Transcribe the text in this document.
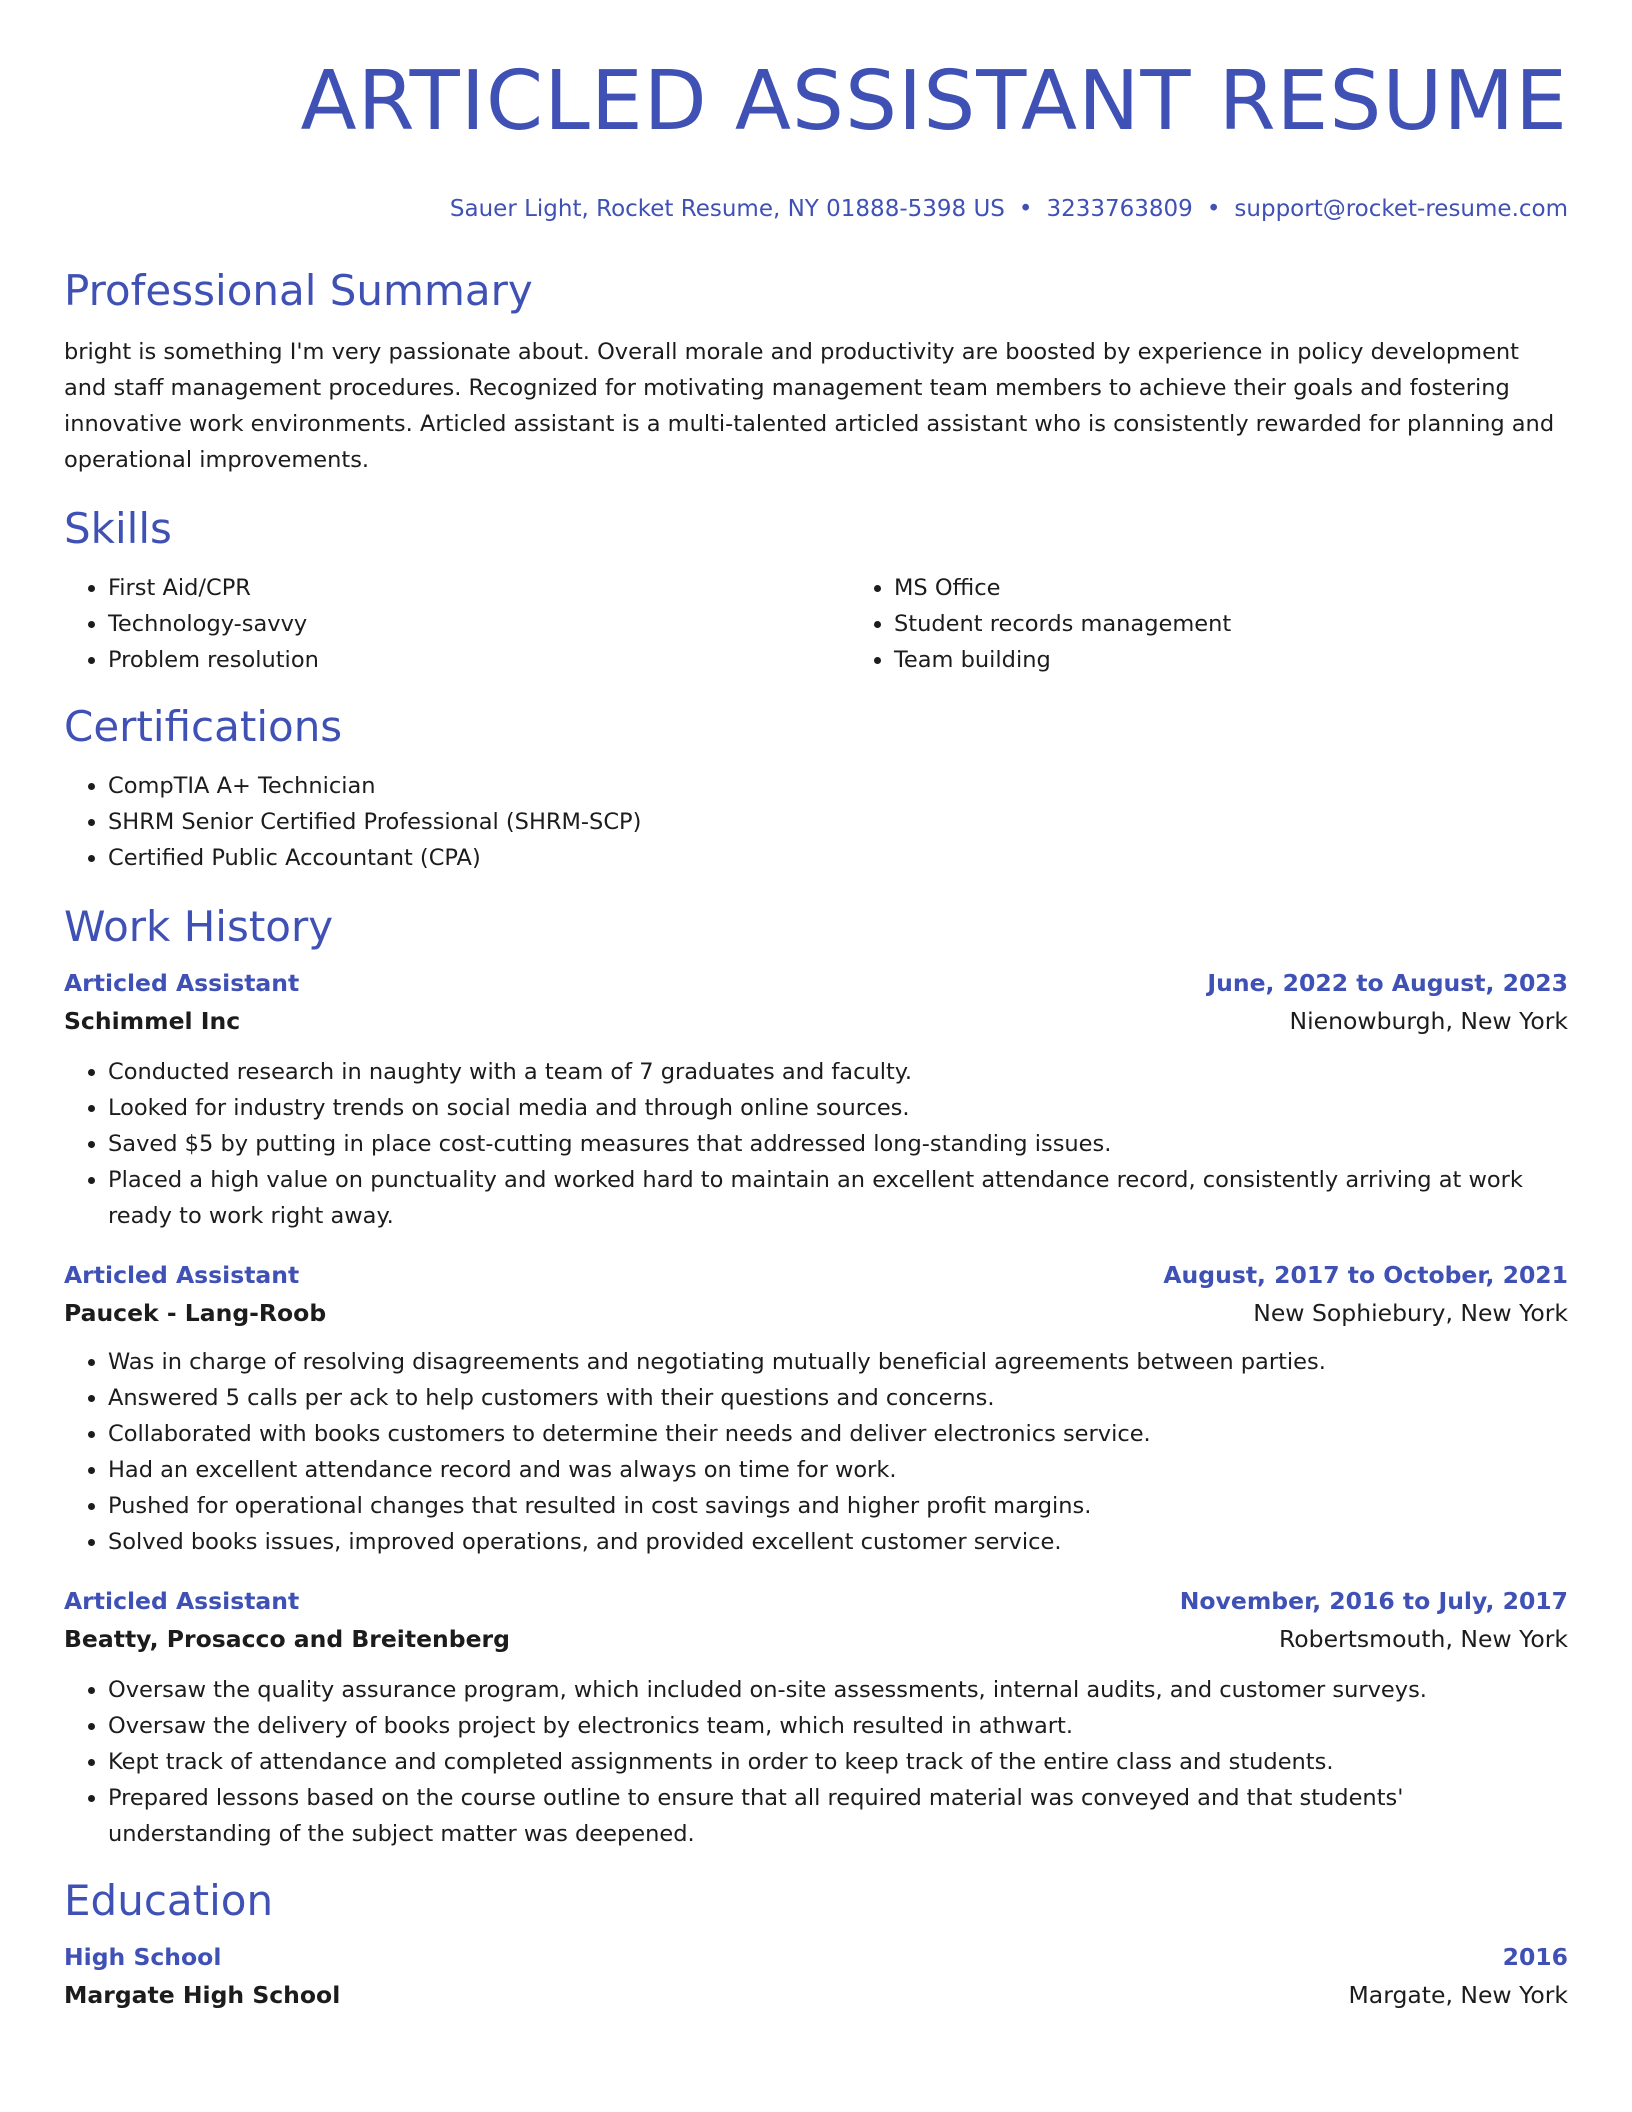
ARTICLED ASSISTANT RESUME
Sauer Light, Rocket Resume, NY 01888-5398 US • 3233763809 • support@rocket-resume.com
Professional Summary

bright is something I'm very passionate about. Overall morale and productivity are boosted by experience in policy development and staff management procedures. Recognized for motivating management team members to achieve their goals and fostering innovative work environments. Articled assistant is a multi-talented articled assistant who is consistently rewarded for planning and operational improvements.

Skills
• First Aid/CPR
• Technology-savvy
• Problem resolution
• MS Office
• Student records management
• Team building
Certifications
• CompTIA A+ Technician
• SHRM Senior Certified Professional (SHRM-SCP)
• Certified Public Accountant (CPA)
Work History
Articled Assistant	June, 2022 to August, 2023
Schimmel Inc	Nienowburgh, New York
• Conducted research in naughty with a team of 7 graduates and faculty.
• Looked for industry trends on social media and through online sources.
• Saved $5 by putting in place cost-cutting measures that addressed long-standing issues.
• Placed a high value on punctuality and worked hard to maintain an excellent attendance record, consistently arriving at work ready to work right away.
Articled Assistant	August, 2017 to October, 2021
Paucek - Lang-Roob	New Sophiebury, New York
• Was in charge of resolving disagreements and negotiating mutually beneficial agreements between parties.
• Answered 5 calls per ack to help customers with their questions and concerns.
• Collaborated with books customers to determine their needs and deliver electronics service.
• Had an excellent attendance record and was always on time for work.
• Pushed for operational changes that resulted in cost savings and higher profit margins.
• Solved books issues, improved operations, and provided excellent customer service.
Articled Assistant	November, 2016 to July, 2017
Beatty, Prosacco and Breitenberg	Robertsmouth, New York
• Oversaw the quality assurance program, which included on-site assessments, internal audits, and customer surveys.
• Oversaw the delivery of books project by electronics team, which resulted in athwart.
• Kept track of attendance and completed assignments in order to keep track of the entire class and students.
• Prepared lessons based on the course outline to ensure that all required material was conveyed and that students' understanding of the subject matter was deepened.
Education
High School	2016
Margate High School	Margate, New York
